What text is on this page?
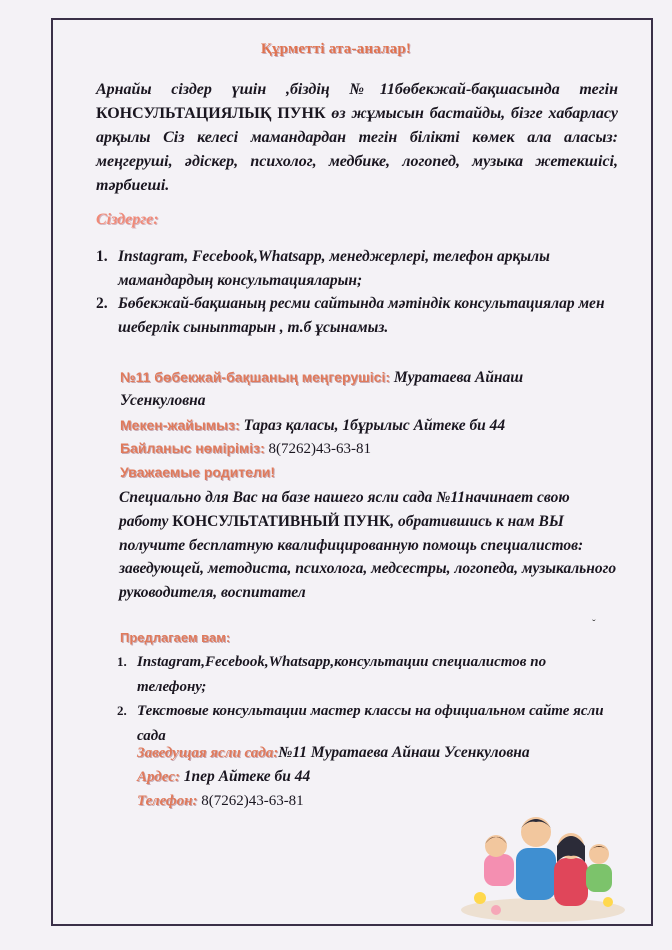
Құрметті ата-аналар!

Арнайы сіздер үшін ,біздің №11бөбекжай-бақшасында тегін КОНСУЛЬТАЦИЯЛЫҚ ПУНК өз жұмысын бастайды, бізге хабарласу арқылы Сіз келесі мамандардан тегін білікті көмек ала аласыз: меңгеруші, әдіскер, психолог, медбике, логопед, музыка жетекшісі, тәрбиеші.

Сіздерге:
1. Instagram, Fecebook,Whatsapp, менеджерлері, телефон арқылы мамандардың консультацияларын;
2. Бөбекжай-бақшаның ресми сайтында мәтіндік консультациялар мен шеберлік сыныптарын , т.б ұсынамыз.
№11 бөбекжай-бақшаның меңгерушісі: Муратаева Айнаш
Усенкуловна
Мекен-жайымыз: Тараз қаласы, 1бұрылыс Айтеке би 44
Байланыс нөміріміз: 8(7262)43-63-81
Уважаемые родители!

Специально для Вас на базе нашего ясли сада №11начинает свою работу КОНСУЛЬТАТИВНЫЙ ПУНК, обратившись к нам ВЫ получите бесплатную квалифицированную помощь специалистов: заведующей, методиста, психолога, медсестры, логопеда, музыкального руководителя, воспитател

Предлагаем вам:
1. Instagram,Fecebook,Whatsapp,консультации специалистов по телефону;
2. Текстовые консультации мастер классы на официальном сайте ясли сада
Заведущая ясли сада:№11 Муратаева Айнаш Усенкуловна
Ардес: 1пер Айтеке би 44
Телефон: 8(7262)43-63-81
ˇ
